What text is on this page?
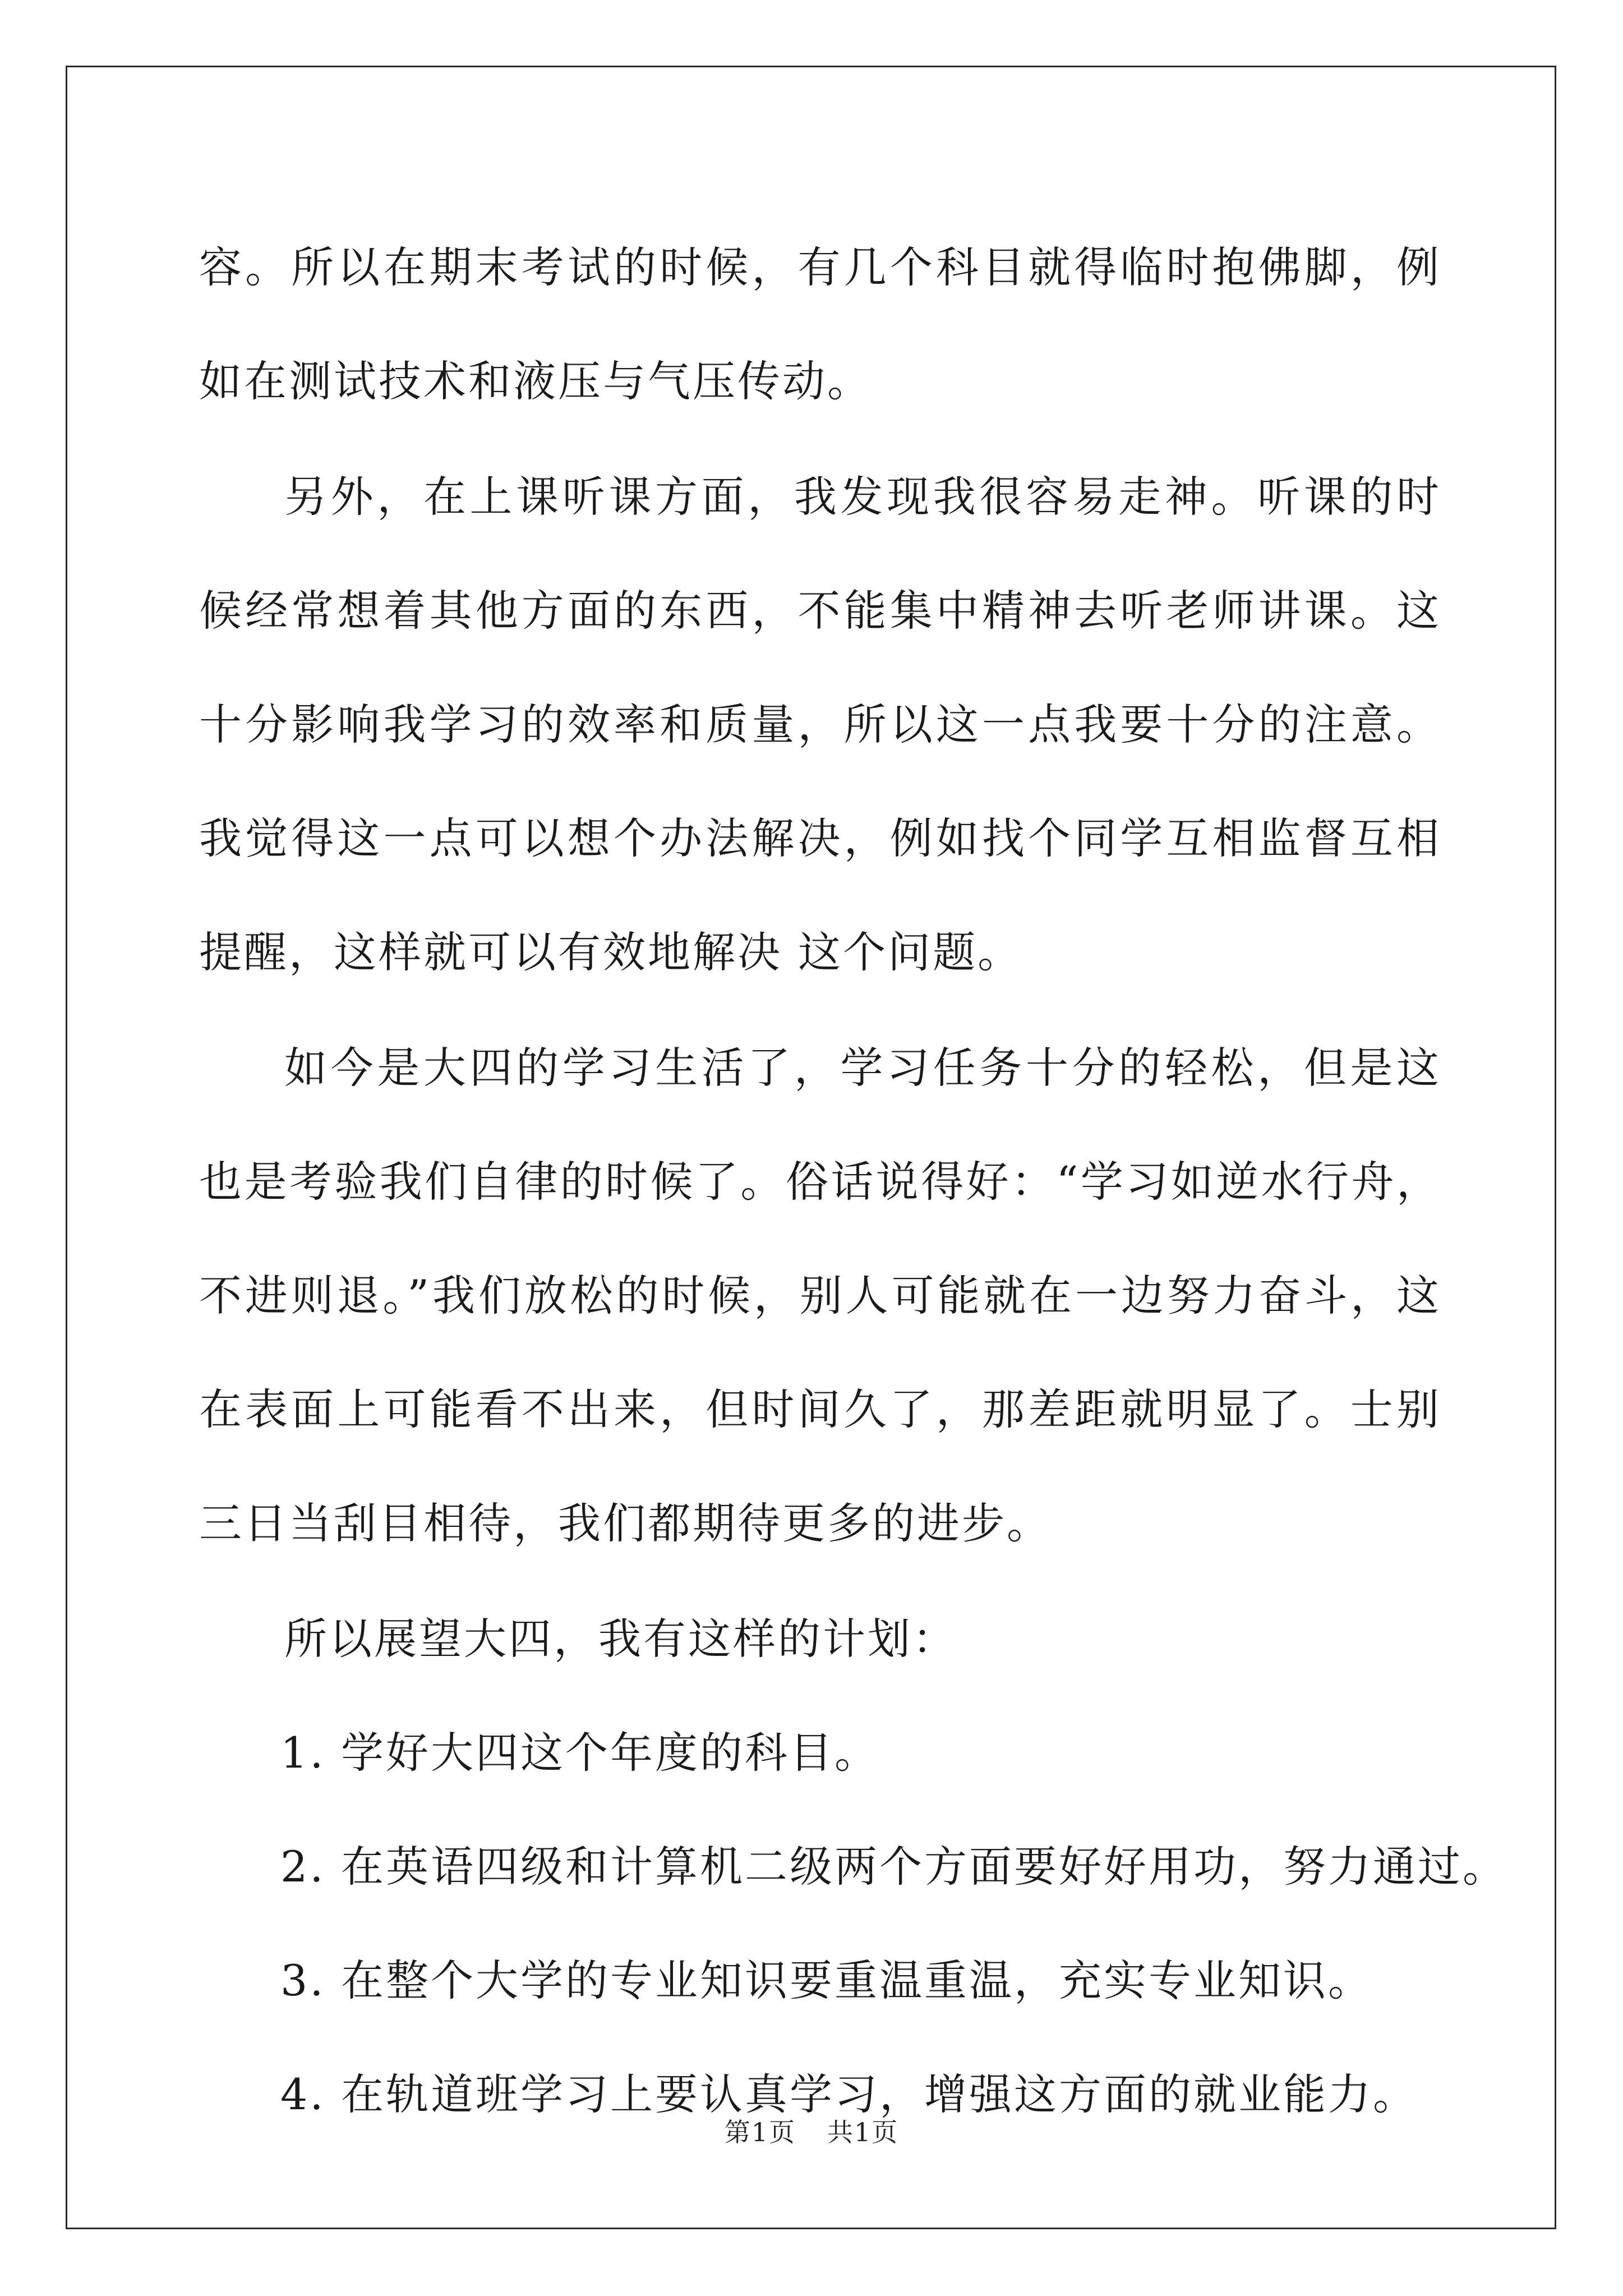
容。所以在期末考试的时候，有几个科目就得临时抱佛脚，例如在测试技术和液压与气压传动。

另外，在上课听课方面，我发现我很容易走神。听课的时候经常想着其他方面的东西，不能集中精神去听老师讲课。这十分影响我学习的效率和质量，所以这一点我要十分的注意。我觉得这一点可以想个办法解决，例如找个同学互相监督互相提醒，这样就可以有效地解决 这个问题。

如今是大四的学习生活了，学习任务十分的轻松，但是这也是考验我们自律的时候了。俗话说得好：“学习如逆水行舟，不进则退。”我们放松的时候，别人可能就在一边努力奋斗，这在表面上可能看不出来，但时间久了，那差距就明显了。士别三日当刮目相待，我们都期待更多的进步。

所以展望大四，我有这样的计划：

1. 学好大四这个年度的科目。

2. 在英语四级和计算机二级两个方面要好好用功，努力通过。

3. 在整个大学的专业知识要重温重温，充实专业知识。

4. 在轨道班学习上要认真学习，增强这方面的就业能力。

第1页 共1页
